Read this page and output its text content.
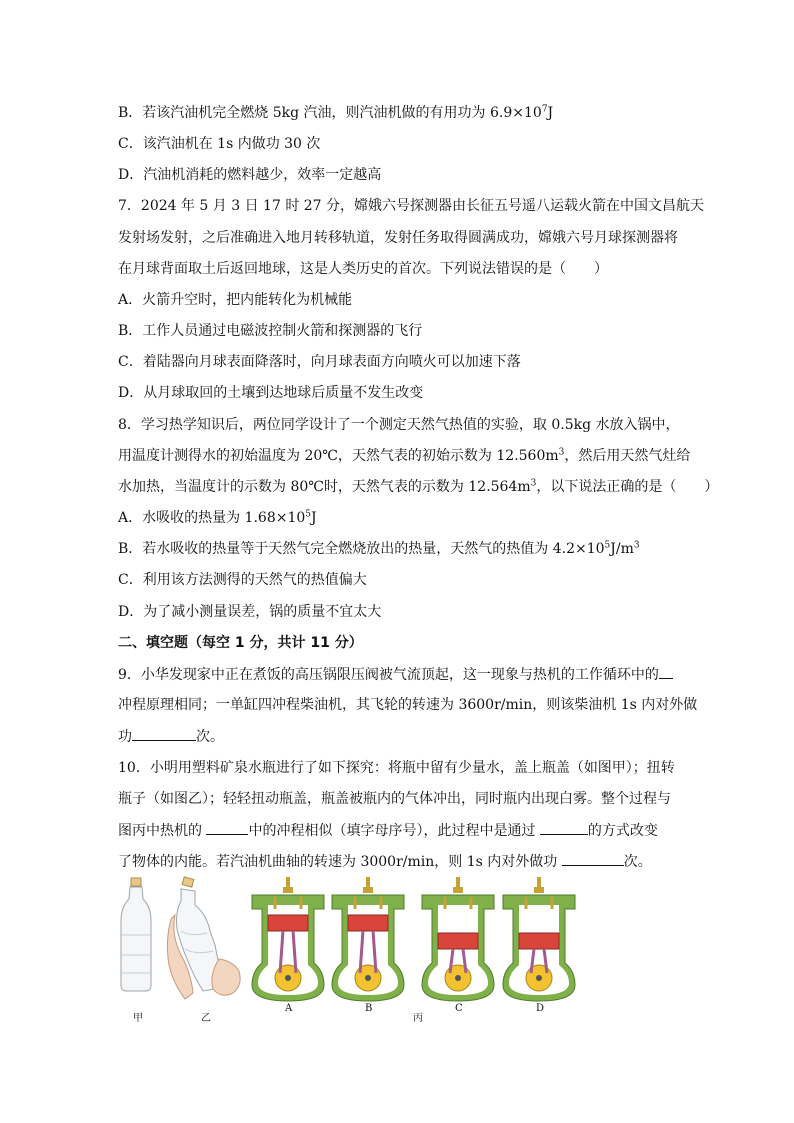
B．若该汽油机完全燃烧 5kg 汽油，则汽油机做的有用功为 $6.9\times 10^7J$
C．该汽油机在 1s 内做功 30 次
D．汽油机消耗的燃料越少，效率一定越高
7．2024 年 5 月 3 日 17 时 27 分，嫦娥六号探测器由长征五号遥八运载火箭在中国文昌航天
发射场发射，之后准确进入地月转移轨道，发射任务取得圆满成功，嫦娥六号月球探测器将
在月球背面取土后返回地球，这是人类历史的首次。下列说法错误的是（　　）
A．火箭升空时，把内能转化为机械能
B．工作人员通过电磁波控制火箭和探测器的飞行
C．着陆器向月球表面降落时，向月球表面方向喷火可以加速下落
D．从月球取回的土壤到达地球后质量不发生改变
8．学习热学知识后，两位同学设计了一个测定天然气热值的实验，取 0.5kg 水放入锅中，
用温度计测得水的初始温度为 20℃，天然气表的初始示数为 $12.560m^3$，然后用天然气灶给
水加热，当温度计的示数为 80℃时，天然气表的示数为 $12.564m^3$，以下说法正确的是（　　）
A．水吸收的热量为 $1.68\times 10^5J$
B．若水吸收的热量等于天然气完全燃烧放出的热量，天然气的热值为 $4.2\times 10^5J/m^3$
C．利用该方法测得的天然气的热值偏大
D．为了减小测量误差，锅的质量不宜太大
二、填空题（每空 1 分，共计 11 分）
9．小华发现家中正在煮饭的高压锅限压阀被气流顶起，这一现象与热机的工作循环中的
冲程原理相同；一单缸四冲程柴油机，其飞轮的转速为 3600r/min，则该柴油机 1s 内对外做
功	次。
10．小明用塑料矿泉水瓶进行了如下探究：将瓶中留有少量水，盖上瓶盖（如图甲）；扭转
瓶子（如图乙）；轻轻扭动瓶盖，瓶盖被瓶内的气体冲出，同时瓶内出现白雾。整个过程与
图丙中热机的	中的冲程相似（填字母序号），此过程中是通过	的方式改变
了物体的内能。若汽油机曲轴的转速为 3000r/min，则 1s 内对外做功	次。
甲	乙	丙
A	B	C	D
